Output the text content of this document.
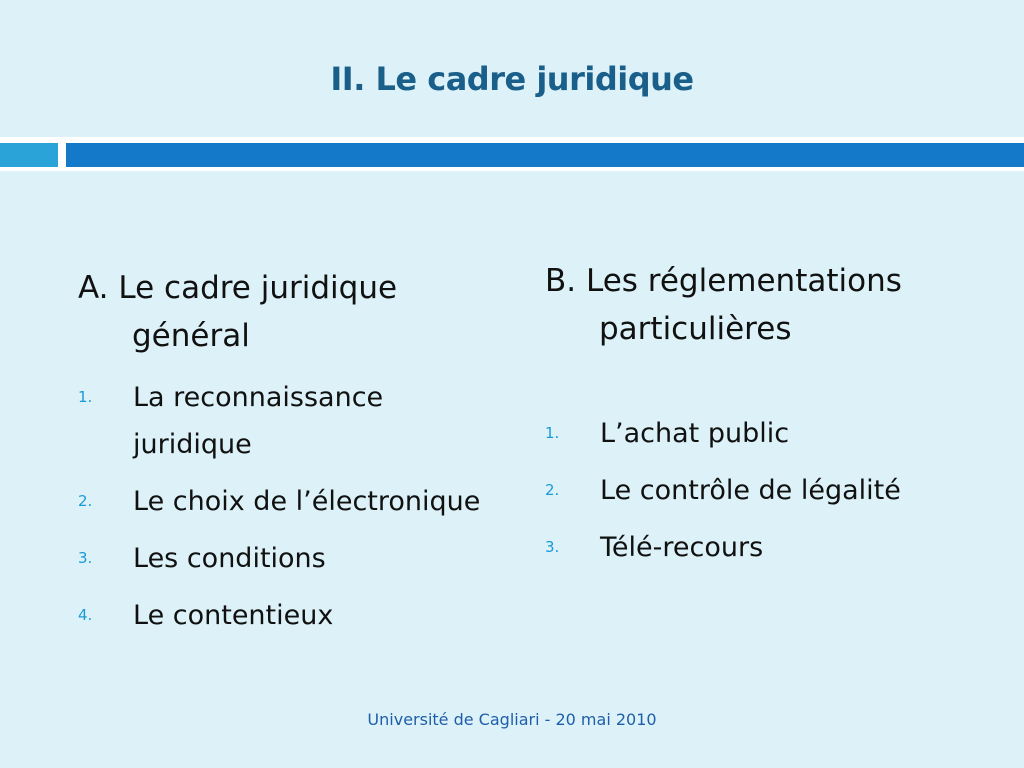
II. Le cadre juridique

A. Le cadre juridique général

1. La reconnaissance juridique
2. Le choix de l’électronique
3. Les conditions
4. Le contentieux

B. Les réglementations particulières

1. L’achat public
2. Le contrôle de légalité
3. Télé-recours
Université de Cagliari - 20 mai 2010
